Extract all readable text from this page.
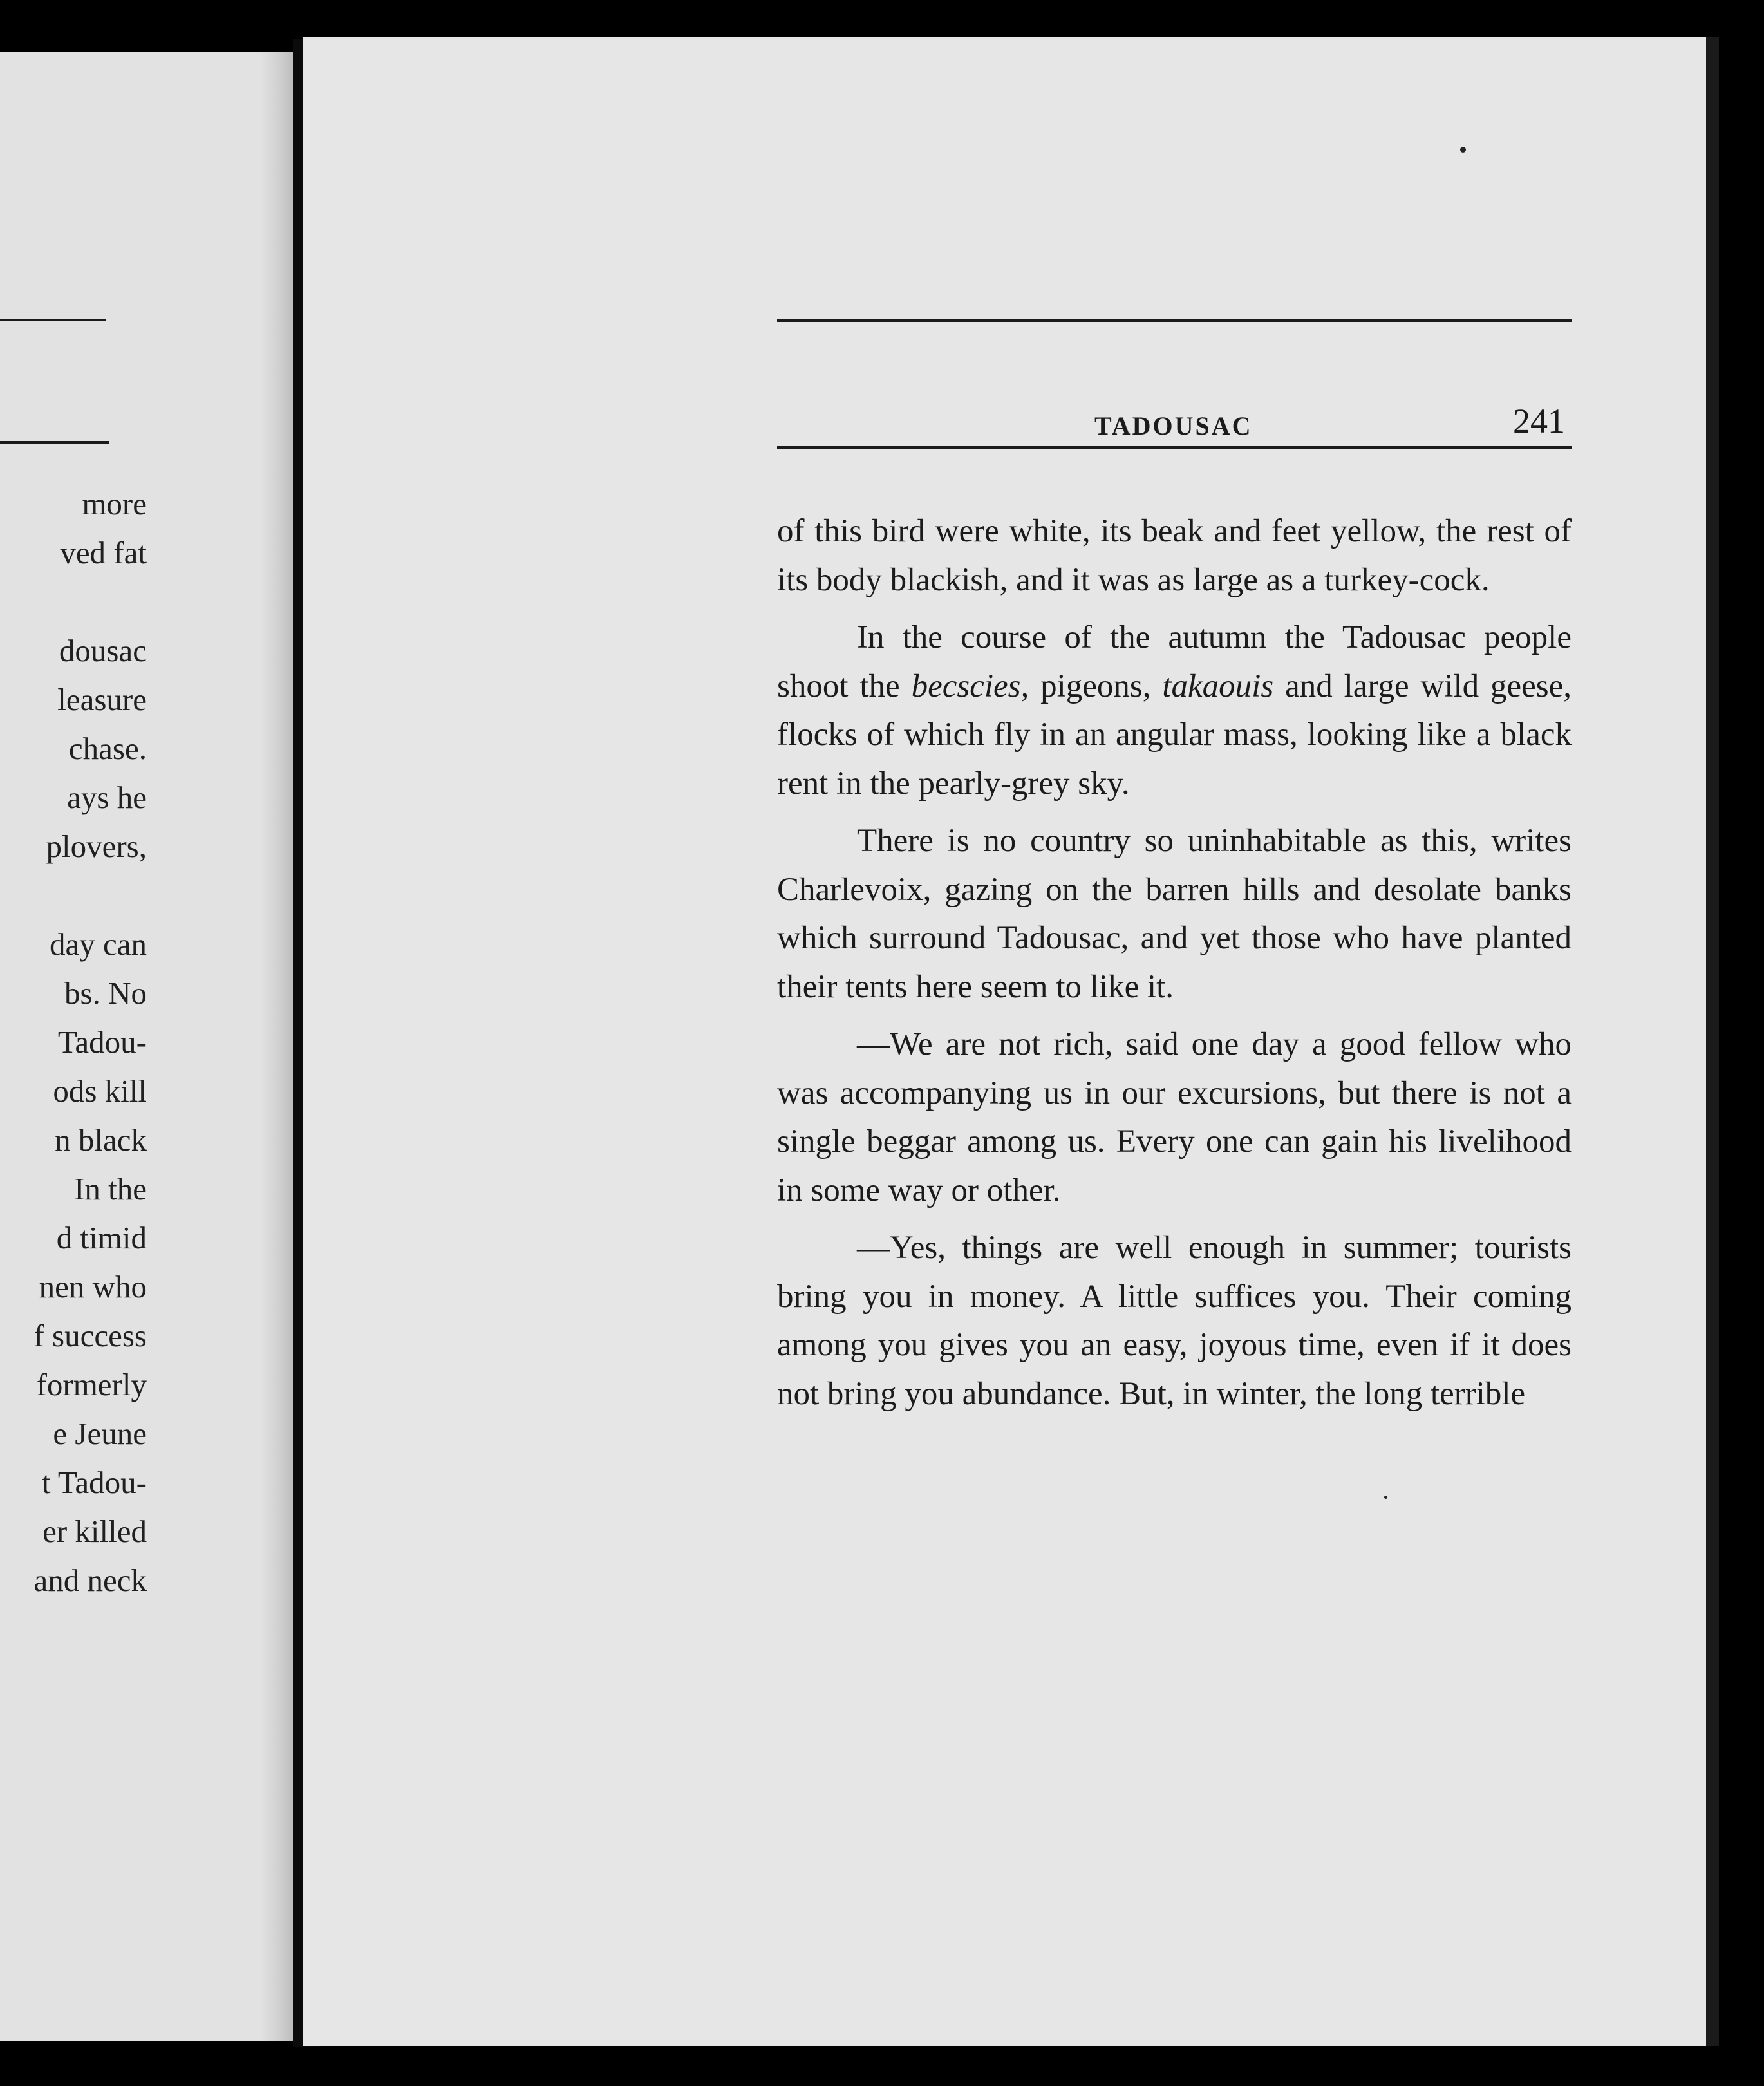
more
ved fat
dousac
leasure
chase.
ays he
plovers,
day can
bs. No
Tadou-
ods kill
n black
In the
d timid
nen who
f success
formerly
e Jeune
t Tadou-
er killed
and neck
TADOUSAC	241

of this bird were white, its beak and feet yellow, the rest of its body blackish, and it was as large as a turkey-cock.

In the course of the autumn the Tadousac people shoot the becscies, pigeons, takaouis and large wild geese, flocks of which fly in an angular mass, looking like a black rent in the pearly-grey sky.

There is no country so uninhabitable as this, writes Charlevoix, gazing on the barren hills and desolate banks which surround Tadousac, and yet those who have planted their tents here seem to like it.

—We are not rich, said one day a good fellow who was accompanying us in our excursions, but there is not a single beggar among us. Every one can gain his livelihood in some way or other.

—Yes, things are well enough in summer; tourists bring you in money. A little suffices you. Their coming among you gives you an easy, joyous time, even if it does not bring you abundance. But, in winter, the long terrible
